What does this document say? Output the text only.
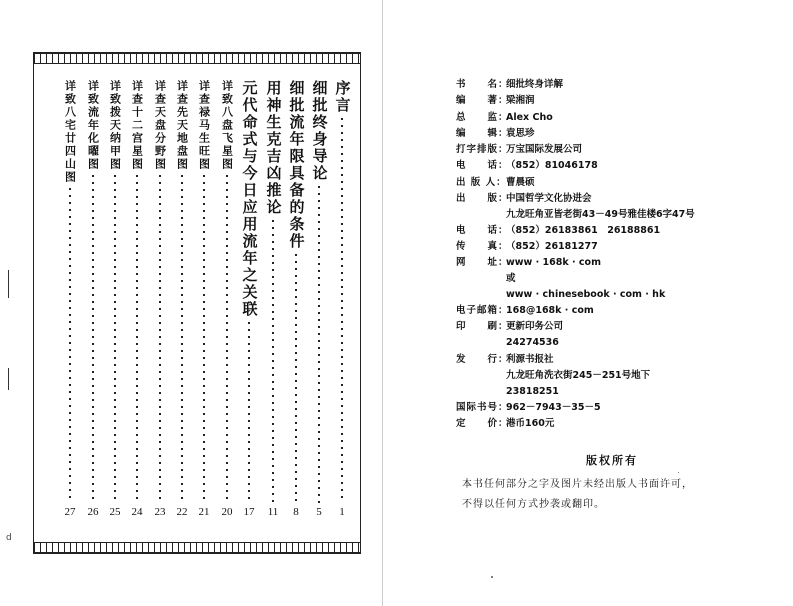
序言
1
细批终身导论
5
细批流年限具备的条件
8
用神生克吉凶推论
11
元代命式与今日应用流年之关联
17
详致八盘飞星图
20
详查禄马生旺图
21
详查先天地盘图
22
详查天盘分野图
23
详查十二宫星图
24
详致拨天纳甲图
25
详致流年化曜图
26
详致八宅廿四山图
27
d
书　　名：细批终身详解
编　　著：梁湘润
总　　监：Alex Cho
编　　辑：袁思珍
打字排版：万宝国际发展公司
电　　话：（852）81046178
出 版 人：曹晨硕
出　　版：中国哲学文化协进会
九龙旺角亚皆老街43－49号雅佳楼6字47号
电　　话：（852）26183861　26188861
传　　真：（852）26181277
网　　址：www · 168k · com
或
www · chinesebook · com · hk
电子邮箱：168@168k · com
印　　刷：更新印务公司
24274536
发　　行：利源书报社
九龙旺角洗衣街245－251号地下
23818251
国际书号：962－7943－35－5
定　　价：港币160元
版权所有
本书任何部分之字及图片未经出版人书面许可，
不得以任何方式抄袭或翻印。
